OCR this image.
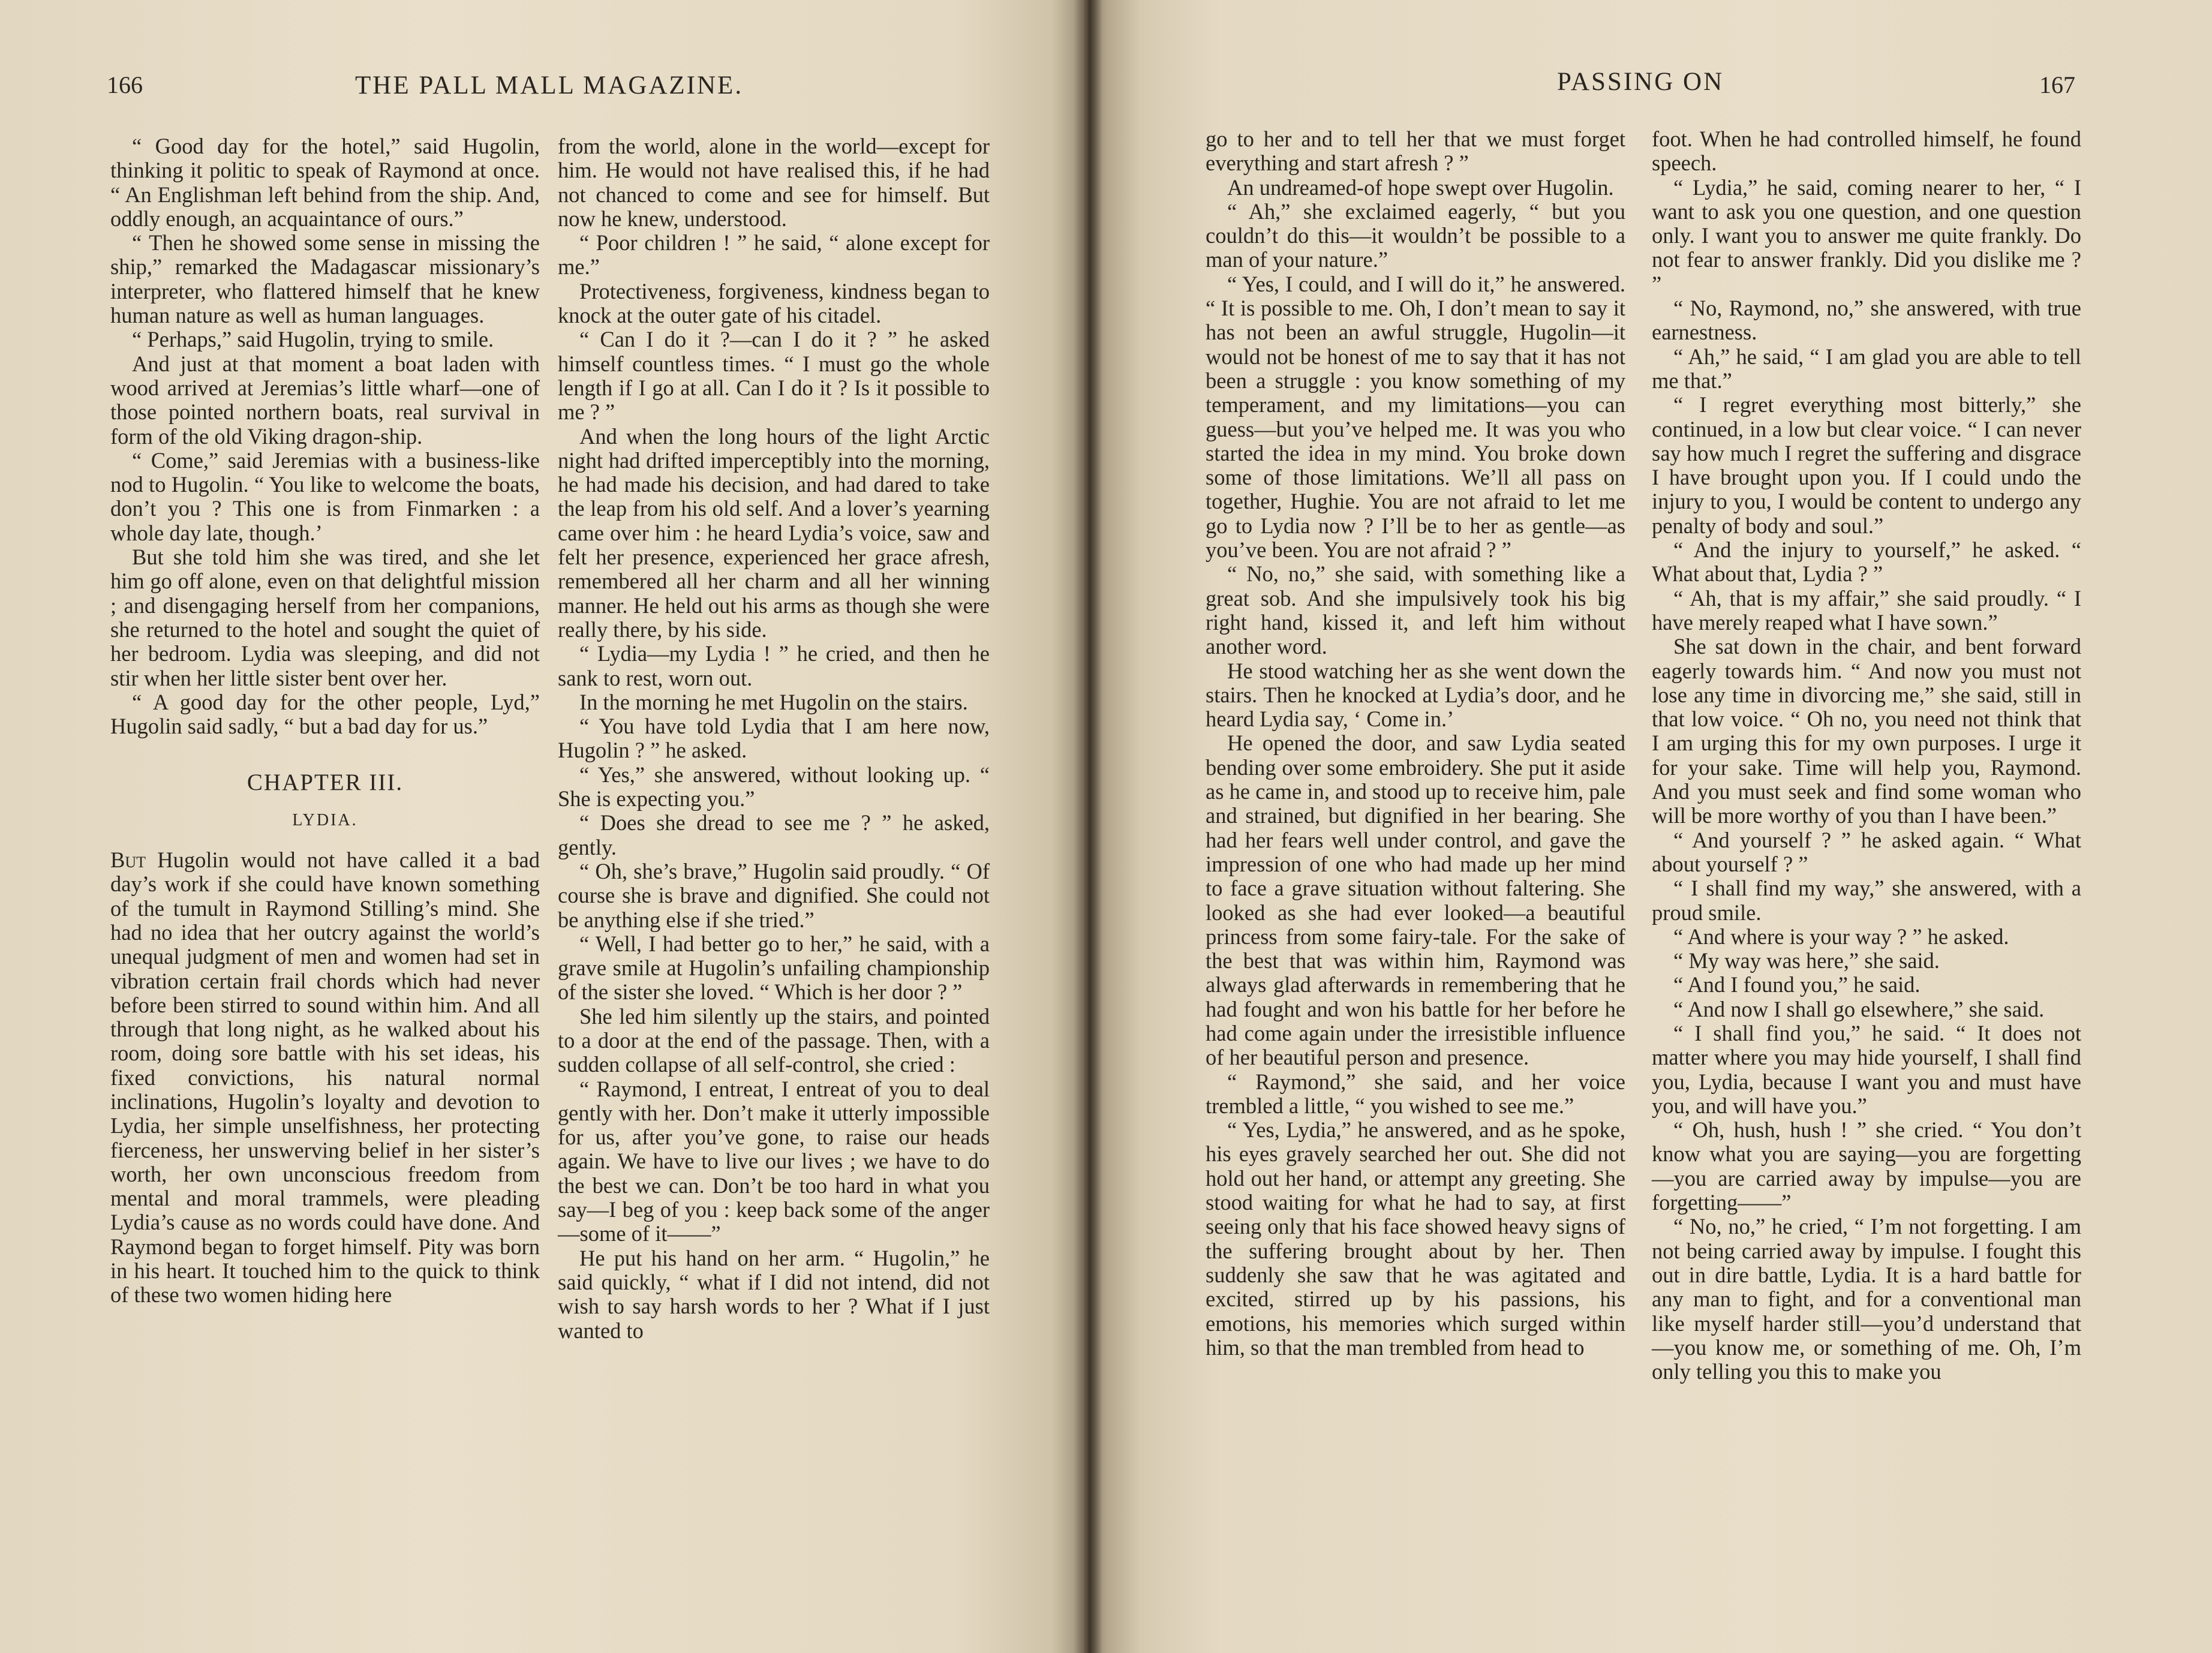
166	THE PALL MALL MAGAZINE.

“ Good day for the hotel,” said Hugolin, thinking it politic to speak of Raymond at once. “ An Englishman left behind from the ship. And, oddly enough, an acquaintance of ours.”

“ Then he showed some sense in missing the ship,” remarked the Madagascar missionary’s interpreter, who flattered himself that he knew human nature as well as human languages.

“ Perhaps,” said Hugolin, trying to smile.

And just at that moment a boat laden with wood arrived at Jeremias’s little wharf—one of those pointed northern boats, real survival in form of the old Viking dragon-ship.

“ Come,” said Jeremias with a business-like nod to Hugolin. “ You like to welcome the boats, don’t you ? This one is from Finmarken : a whole day late, though.’

But she told him she was tired, and she let him go off alone, even on that delightful mission ; and disengaging herself from her companions, she returned to the hotel and sought the quiet of her bedroom. Lydia was sleeping, and did not stir when her little sister bent over her.

“ A good day for the other people, Lyd,” Hugolin said sadly, “ but a bad day for us.”

CHAPTER III.

LYDIA.

But Hugolin would not have called it a bad day’s work if she could have known something of the tumult in Raymond Stilling’s mind. She had no idea that her outcry against the world’s unequal judgment of men and women had set in vibration certain frail chords which had never before been stirred to sound within him. And all through that long night, as he walked about his room, doing sore battle with his set ideas, his fixed convictions, his natural normal inclinations, Hugolin’s loyalty and devotion to Lydia, her simple unselfishness, her protecting fierceness, her unswerving belief in her sister’s worth, her own unconscious freedom from mental and moral trammels, were pleading Lydia’s cause as no words could have done. And Raymond began to forget himself. Pity was born in his heart. It touched him to the quick to think of these two women hiding here

from the world, alone in the world—except for him. He would not have realised this, if he had not chanced to come and see for himself. But now he knew, understood.

“ Poor children ! ” he said, “ alone except for me.”

Protectiveness, forgiveness, kindness began to knock at the outer gate of his citadel.

“ Can I do it ?—can I do it ? ” he asked himself countless times. “ I must go the whole length if I go at all. Can I do it ? Is it possible to me ? ”

And when the long hours of the light Arctic night had drifted imperceptibly into the morning, he had made his decision, and had dared to take the leap from his old self. And a lover’s yearning came over him : he heard Lydia’s voice, saw and felt her presence, experienced her grace afresh, remembered all her charm and all her winning manner. He held out his arms as though she were really there, by his side.

“ Lydia—my Lydia ! ” he cried, and then he sank to rest, worn out.

In the morning he met Hugolin on the stairs.

“ You have told Lydia that I am here now, Hugolin ? ” he asked.

“ Yes,” she answered, without looking up. “ She is expecting you.”

“ Does she dread to see me ? ” he asked, gently.

“ Oh, she’s brave,” Hugolin said proudly. “ Of course she is brave and dignified. She could not be anything else if she tried.”

“ Well, I had better go to her,” he said, with a grave smile at Hugolin’s unfailing championship of the sister she loved. “ Which is her door ? ”

She led him silently up the stairs, and pointed to a door at the end of the passage. Then, with a sudden collapse of all self-control, she cried :

“ Raymond, I entreat, I entreat of you to deal gently with her. Don’t make it utterly impossible for us, after you’ve gone, to raise our heads again. We have to live our lives ; we have to do the best we can. Don’t be too hard in what you say—I beg of you : keep back some of the anger—some of it——”

He put his hand on her arm. “ Hugolin,” he said quickly, “ what if I did not intend, did not wish to say harsh words to her ? What if I just wanted to

PASSING ON	167

go to her and to tell her that we must forget everything and start afresh ? ”

An undreamed-of hope swept over Hugolin.

“ Ah,” she exclaimed eagerly, “ but you couldn’t do this—it wouldn’t be possible to a man of your nature.”

“ Yes, I could, and I will do it,” he answered. “ It is possible to me. Oh, I don’t mean to say it has not been an awful struggle, Hugolin—it would not be honest of me to say that it has not been a struggle : you know something of my temperament, and my limitations—you can guess—but you’ve helped me. It was you who started the idea in my mind. You broke down some of those limitations. We’ll all pass on together, Hughie. You are not afraid to let me go to Lydia now ? I’ll be to her as gentle—as you’ve been. You are not afraid ? ”

“ No, no,” she said, with something like a great sob. And she impulsively took his big right hand, kissed it, and left him without another word.

He stood watching her as she went down the stairs. Then he knocked at Lydia’s door, and he heard Lydia say, ‘ Come in.’

He opened the door, and saw Lydia seated bending over some embroidery. She put it aside as he came in, and stood up to receive him, pale and strained, but dignified in her bearing. She had her fears well under control, and gave the impression of one who had made up her mind to face a grave situation without faltering. She looked as she had ever looked—a beautiful princess from some fairy-tale. For the sake of the best that was within him, Raymond was always glad afterwards in remembering that he had fought and won his battle for her before he had come again under the irresistible influence of her beautiful person and presence.

“ Raymond,” she said, and her voice trembled a little, “ you wished to see me.”

“ Yes, Lydia,” he answered, and as he spoke, his eyes gravely searched her out. She did not hold out her hand, or attempt any greeting. She stood waiting for what he had to say, at first seeing only that his face showed heavy signs of the suffering brought about by her. Then suddenly she saw that he was agitated and excited, stirred up by his passions, his emotions, his memories which surged within him, so that the man trembled from head to

foot. When he had controlled himself, he found speech.

“ Lydia,” he said, coming nearer to her, “ I want to ask you one question, and one question only. I want you to answer me quite frankly. Do not fear to answer frankly. Did you dislike me ? ”

“ No, Raymond, no,” she answered, with true earnestness.

“ Ah,” he said, “ I am glad you are able to tell me that.”

“ I regret everything most bitterly,” she continued, in a low but clear voice. “ I can never say how much I regret the suffering and disgrace I have brought upon you. If I could undo the injury to you, I would be content to undergo any penalty of body and soul.”

“ And the injury to yourself,” he asked. “ What about that, Lydia ? ”

“ Ah, that is my affair,” she said proudly. “ I have merely reaped what I have sown.”

She sat down in the chair, and bent forward eagerly towards him. “ And now you must not lose any time in divorcing me,” she said, still in that low voice. “ Oh no, you need not think that I am urging this for my own purposes. I urge it for your sake. Time will help you, Raymond. And you must seek and find some woman who will be more worthy of you than I have been.”

“ And yourself ? ” he asked again. “ What about yourself ? ”

“ I shall find my way,” she answered, with a proud smile.

“ And where is your way ? ” he asked.

“ My way was here,” she said.

“ And I found you,” he said.

“ And now I shall go elsewhere,” she said.

“ I shall find you,” he said. “ It does not matter where you may hide yourself, I shall find you, Lydia, because I want you and must have you, and will have you.”

“ Oh, hush, hush ! ” she cried. “ You don’t know what you are saying—you are forgetting—you are carried away by impulse—you are forgetting——”

“ No, no,” he cried, “ I’m not forgetting. I am not being carried away by impulse. I fought this out in dire battle, Lydia. It is a hard battle for any man to fight, and for a conventional man like myself harder still—you’d understand that —you know me, or something of me. Oh, I’m only telling you this to make you
